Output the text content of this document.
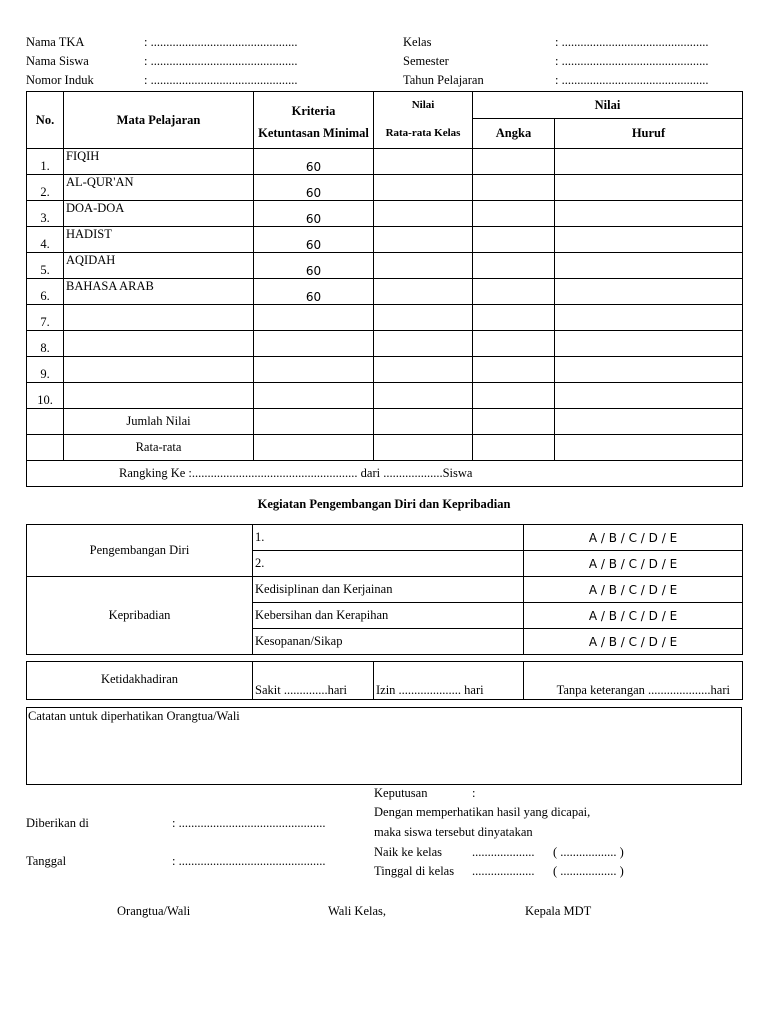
Nama TKA	: ...............................................
Nama Siswa	: ...............................................
Nomor Induk	: ...............................................
Kelas	: ...............................................
Semester	: ...............................................
Tahun Pelajaran	: ...............................................
No.	Mata Pelajaran	Kriteria	Nilai	Nilai	
		Ketuntasan Minimal	Rata-rata Kelas	Angka	Huruf
1.	FIQIH	60			
2.	AL-QUR'AN	60			
3.	DOA-DOA	60			
4.	HADIST	60			
5.	AQIDAH	60			
6.	BAHASA ARAB	60			
7.					
8.					
9.					
10.					
	Jumlah Nilai				
	Rata-rata				
Rangking Ke :..................................................... dari ...................Siswa					
Kegiatan Pengembangan Diri dan Kepribadian
Pengembangan Diri	1.	A / B / C / D / E
	2.	A / B / C / D / E
Kepribadian	Kedisiplinan dan Kerjainan	A / B / C / D / E
	Kebersihan dan Kerapihan	A / B / C / D / E
	Kesopanan/Sikap	A / B / C / D / E
Ketidakhadiran	Sakit ..............hari	Izin .................... hari	Tanpa keterangan ....................hari
Catatan untuk diperhatikan Orangtua/Wali
Diberikan di	: ...............................................
Tanggal	: ...............................................
Keputusan	:
Dengan memperhatikan hasil yang dicapai,
maka siswa tersebut dinyatakan
Naik ke kelas .................... ( .................. )
Tinggal di kelas .................... ( .................. )
Orangtua/Wali	Wali Kelas,	Kepala MDT
